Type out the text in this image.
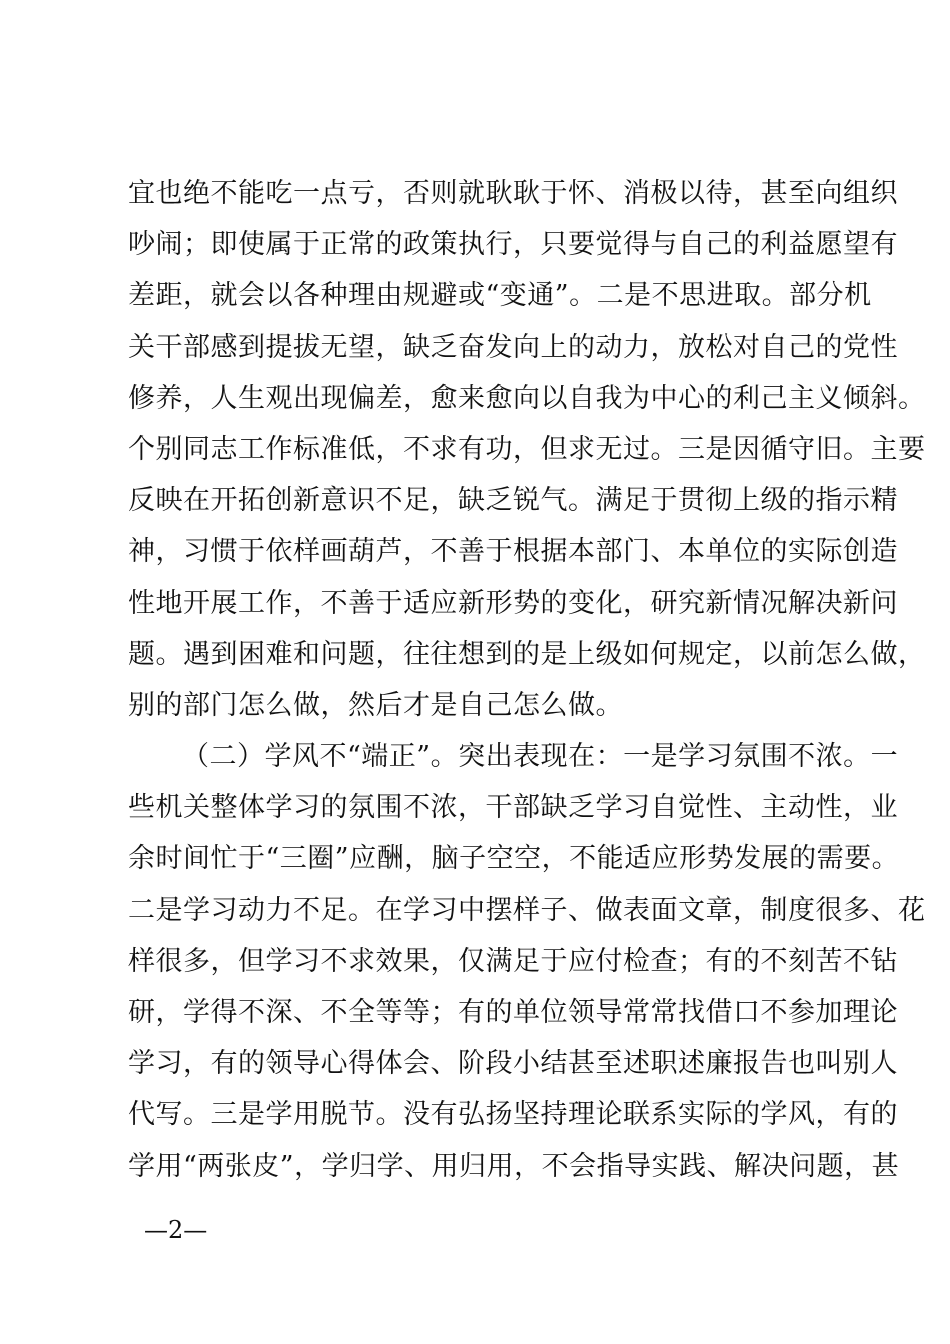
宜也绝不能吃一点亏，否则就耿耿于怀、消极以待，甚至向组织
吵闹；即使属于正常的政策执行，只要觉得与自己的利益愿望有
差距，就会以各种理由规避或“变通”。二是不思进取。部分机
关干部感到提拔无望，缺乏奋发向上的动力，放松对自己的党性
修养，人生观出现偏差，愈来愈向以自我为中心的利己主义倾斜。
个别同志工作标准低，不求有功，但求无过。三是因循守旧。主要
反映在开拓创新意识不足，缺乏锐气。满足于贯彻上级的指示精
神，习惯于依样画葫芦，不善于根据本部门、本单位的实际创造
性地开展工作，不善于适应新形势的变化，研究新情况解决新问
题。遇到困难和问题，往往想到的是上级如何规定，以前怎么做，
别的部门怎么做，然后才是自己怎么做。
（二）学风不“端正”。突出表现在：一是学习氛围不浓。一
些机关整体学习的氛围不浓，干部缺乏学习自觉性、主动性，业
余时间忙于“三圈”应酬，脑子空空，不能适应形势发展的需要。
二是学习动力不足。在学习中摆样子、做表面文章，制度很多、花
样很多，但学习不求效果，仅满足于应付检查；有的不刻苦不钻
研，学得不深、不全等等；有的单位领导常常找借口不参加理论
学习，有的领导心得体会、阶段小结甚至述职述廉报告也叫别人
代写。三是学用脱节。没有弘扬坚持理论联系实际的学风，有的
学用“两张皮”，学归学、用归用，不会指导实践、解决问题，甚
—2—
